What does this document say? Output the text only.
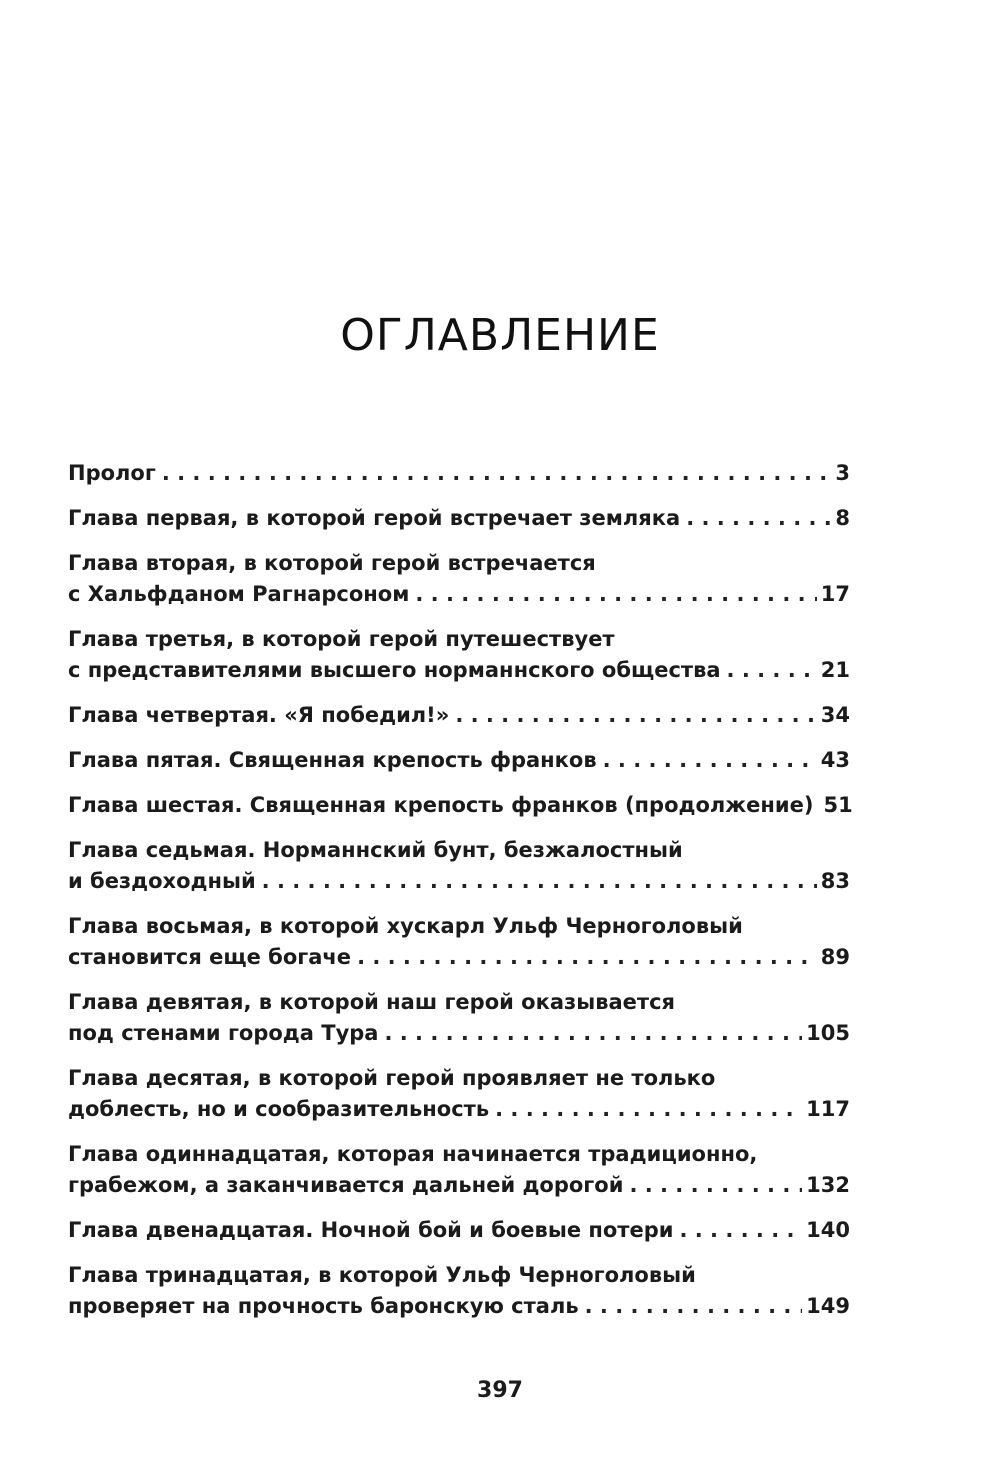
ОГЛАВЛЕНИЕ
Пролог . . .	3
Глава первая, в которой герой встречает земляка . . .	8
Глава вторая, в которой герой встречается
с Хальфданом Рагнарсоном . . .	17
Глава третья, в которой герой путешествует
с представителями высшего норманнского общества . . .	21
Глава четвертая. «Я победил!» . . .	34
Глава пятая. Священная крепость франков . . .	43
Глава шестая. Священная крепость франков (продолжение) 51
Глава седьмая. Норманнский бунт, безжалостный
и бездоходный . . .	83
Глава восьмая, в которой хускарл Ульф Черноголовый
становится еще богаче . . .	89
Глава девятая, в которой наш герой оказывается
под стенами города Тура . . .	105
Глава десятая, в которой герой проявляет не только
доблесть, но и сообразительность . . .	117
Глава одиннадцатая, которая начинается традиционно,
грабежом, а заканчивается дальней дорогой . . .	132
Глава двенадцатая. Ночной бой и боевые потери . . .	140
Глава тринадцатая, в которой Ульф Черноголовый
проверяет на прочность баронскую сталь . . .	149
397
